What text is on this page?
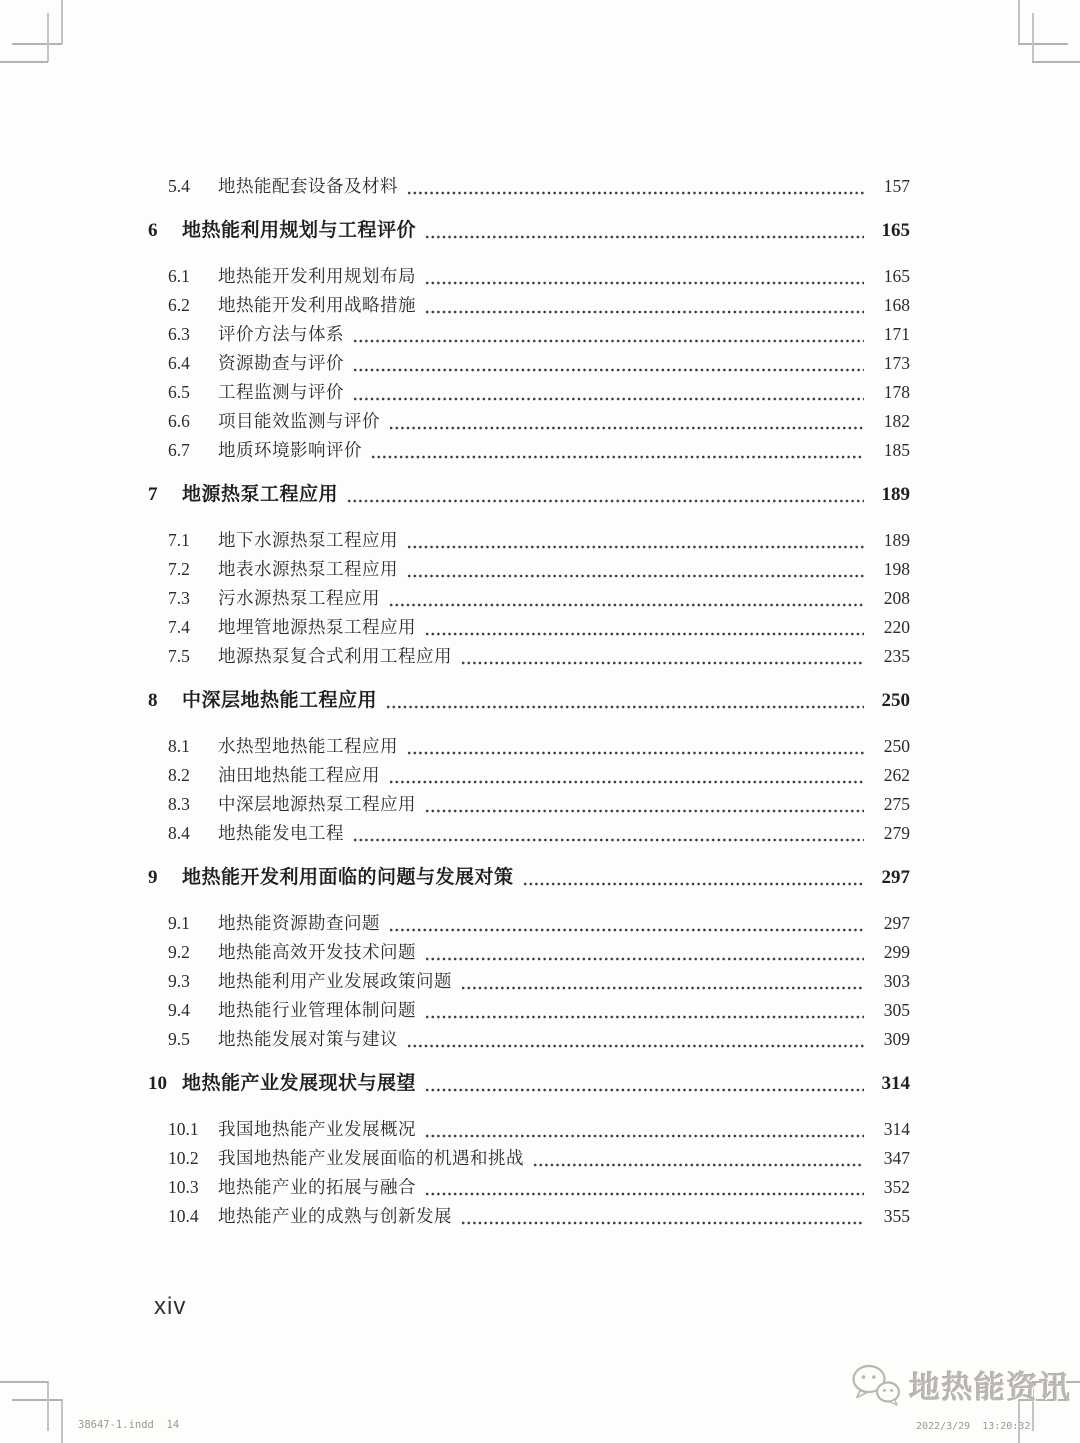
5.4	地热能配套设备及材料	157
6	地热能利用规划与工程评价	165
6.1	地热能开发利用规划布局	165
6.2	地热能开发利用战略措施	168
6.3	评价方法与体系	171
6.4	资源勘查与评价	173
6.5	工程监测与评价	178
6.6	项目能效监测与评价	182
6.7	地质环境影响评价	185
7	地源热泵工程应用	189
7.1	地下水源热泵工程应用	189
7.2	地表水源热泵工程应用	198
7.3	污水源热泵工程应用	208
7.4	地埋管地源热泵工程应用	220
7.5	地源热泵复合式利用工程应用	235
8	中深层地热能工程应用	250
8.1	水热型地热能工程应用	250
8.2	油田地热能工程应用	262
8.3	中深层地源热泵工程应用	275
8.4	地热能发电工程	279
9	地热能开发利用面临的问题与发展对策	297
9.1	地热能资源勘查问题	297
9.2	地热能高效开发技术问题	299
9.3	地热能利用产业发展政策问题	303
9.4	地热能行业管理体制问题	305
9.5	地热能发展对策与建议	309
10 地热能产业发展现状与展望	314
10.1	我国地热能产业发展概况	314
10.2	我国地热能产业发展面临的机遇和挑战	347
10.3	地热能产业的拓展与融合	352
10.4	地热能产业的成熟与创新发展	355
xiv
地热能资讯
38647-1.indd  14	2022/3/29  13:20:32
